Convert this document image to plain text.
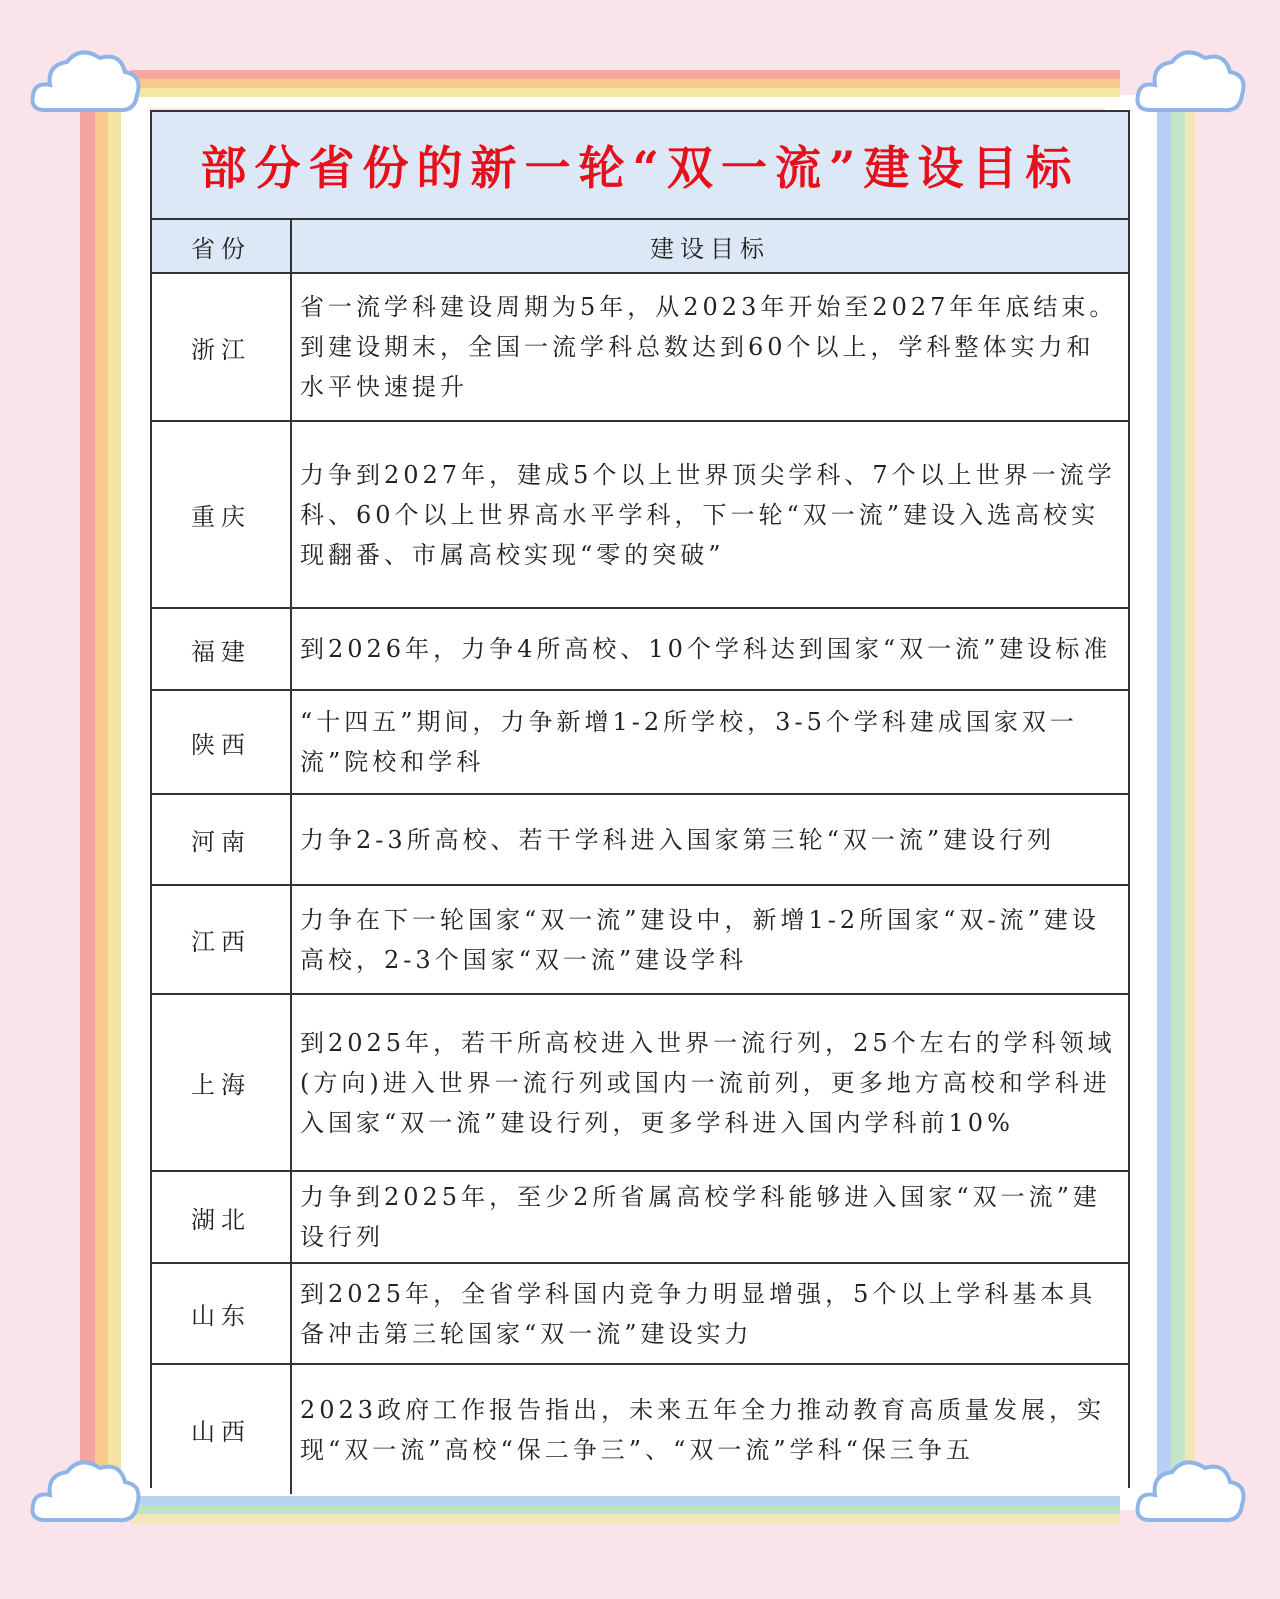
部分省份的新一轮“双一流”建设目标
省份	建设目标
浙江	省一流学科建设周期为5年，从2023年开始至2027年年底结束。到建设期末，全国一流学科总数达到60个以上，学科整体实力和水平快速提升
重庆	力争到2027年，建成5个以上世界顶尖学科、7个以上世界一流学科、60个以上世界高水平学科，下一轮“双一流”建设入选高校实现翻番、市属高校实现“零的突破”
福建	到2026年，力争4所高校、10个学科达到国家“双一流”建设标准
陕西	“十四五”期间，力争新增1-2所学校，3-5个学科建成国家双一流”院校和学科
河南	力争2-3所高校、若干学科进入国家第三轮“双一流”建设行列
江西	力争在下一轮国家“双一流”建设中，新增1-2所国家“双-流”建设高校，2-3个国家“双一流”建设学科
上海	到2025年，若干所高校进入世界一流行列，25个左右的学科领域(方向)进入世界一流行列或国内一流前列，更多地方高校和学科进入国家“双一流”建设行列，更多学科进入国内学科前10%
湖北	力争到2025年，至少2所省属高校学科能够进入国家“双一流”建设行列
山东	到2025年，全省学科国内竞争力明显增强，5个以上学科基本具备冲击第三轮国家“双一流”建设实力
山西	2023政府工作报告指出，未来五年全力推动教育高质量发展，实现“双一流”高校“保二争三”、“双一流”学科“保三争五
